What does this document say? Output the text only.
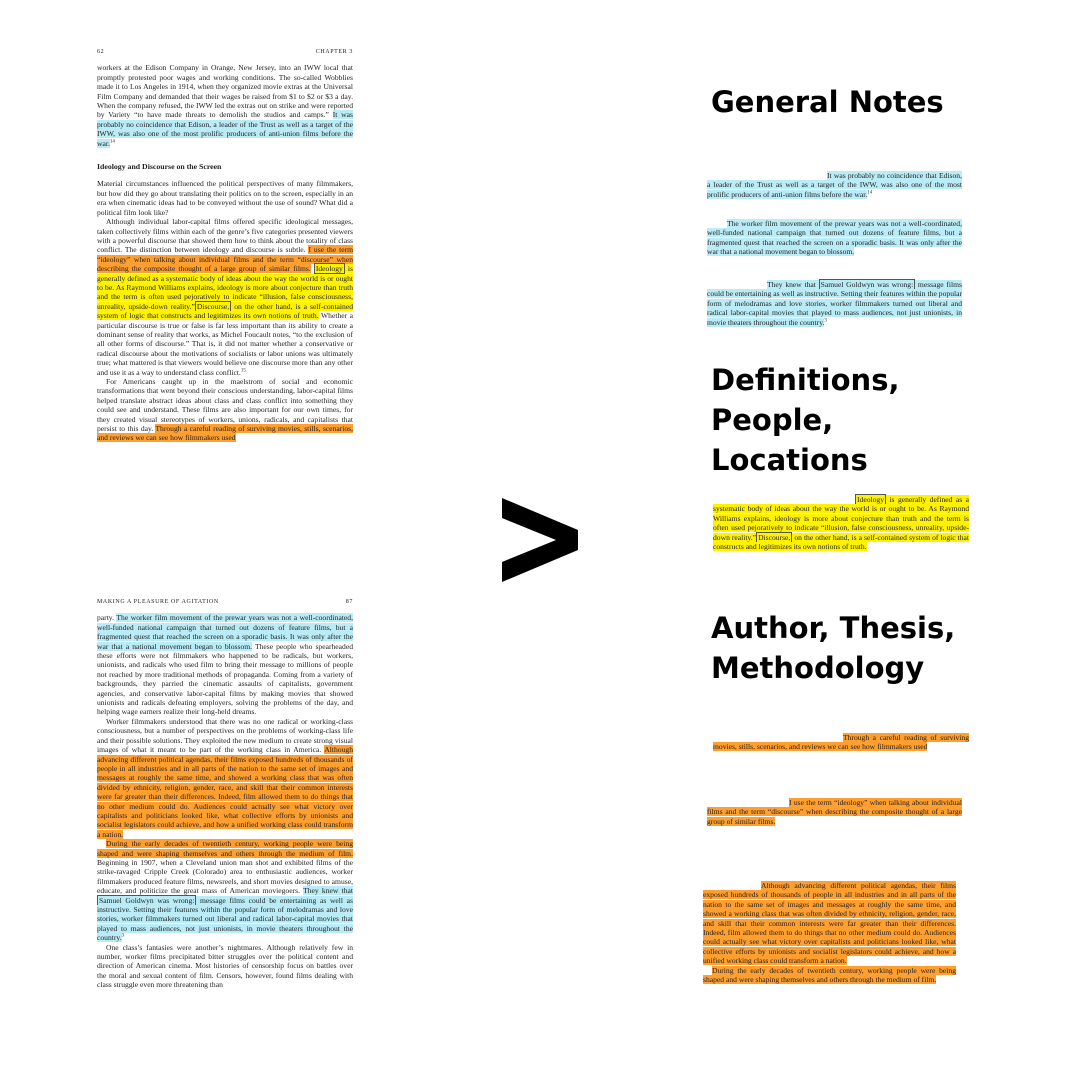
62	CHAPTER 3

workers at the Edison Company in Orange, New Jersey, into an IWW local that promptly protested poor wages and working conditions. The so-called Wobblies made it to Los Angeles in 1914, when they organized movie extras at the Universal Film Company and demanded that their wages be raised from $1 to $2 or $3 a day. When the company refused, the IWW led the extras out on strike and were reported by Variety “to have made threats to demolish the studios and camps.” It was probably no coincidence that Edison, a leader of the Trust as well as a target of the IWW, was also one of the most prolific producers of anti-union films before the war.$^{14}$

Ideology and Discourse on the Screen

Material circumstances influenced the political perspectives of many filmmakers, but how did they go about translating their politics on to the screen, especially in an era when cinematic ideas had to be conveyed without the use of sound? What did a political film look like?

Although individual labor-capital films offered specific ideological messages, taken collectively films within each of the genre’s five categories presented viewers with a powerful discourse that showed them how to think about the totality of class conflict. The distinction between ideology and discourse is subtle. I use the term “ideology” when talking about individual films and the term “discourse” when describing the composite thought of a large group of similar films. Ideology is generally defined as a systematic body of ideas about the way the world is or ought to be. As Raymond Williams explains, ideology is more about conjecture than truth and the term is often used pejoratively to indicate “illusion, false consciousness, unreality, upside-down reality.” Discourse, on the other hand, is a self-contained system of logic that constructs and legitimizes its own notions of truth. Whether a particular discourse is true or false is far less important than its ability to create a dominant sense of reality that works, as Michel Foucault notes, “to the exclusion of all other forms of discourse.” That is, it did not matter whether a conservative or radical discourse about the motivations of socialists or labor unions was ultimately true; what mattered is that viewers would believe one discourse more than any other and use it as a way to understand class conflict.$^{15}$

For Americans caught up in the maelstrom of social and economic transformations that went beyond their conscious understanding, labor-capital films helped translate abstract ideas about class and class conflict into something they could see and understand. These films are also important for our own times, for they created visual stereotypes of workers, unions, radicals, and capitalists that persist to this day. Through a careful reading of surviving movies, stills, scenarios, and reviews we can see how filmmakers used

MAKING A PLEASURE OF AGITATION	87

party. The worker film movement of the prewar years was not a well-coordinated, well-funded national campaign that turned out dozens of feature films, but a fragmented quest that reached the screen on a sporadic basis. It was only after the war that a national movement began to blossom. These people who spearheaded these efforts were not filmmakers who happened to be radicals, but workers, unionists, and radicals who used film to bring their message to millions of people not reached by more traditional methods of propaganda. Coming from a variety of backgrounds, they parried the cinematic assaults of capitalists, government agencies, and conservative labor-capital films by making movies that showed unionists and radicals defeating employers, solving the problems of the day, and helping wage earners realize their long-held dreams.

Worker filmmakers understood that there was no one radical or working-class consciousness, but a number of perspectives on the problems of working-class life and their possible solutions. They exploited the new medium to create strong visual images of what it meant to be part of the working class in America. Although advancing different political agendas, their films exposed hundreds of thousands of people in all industries and in all parts of the nation to the same set of images and messages at roughly the same time, and showed a working class that was often divided by ethnicity, religion, gender, race, and skill that their common interests were far greater than their differences. Indeed, film allowed them to do things that no other medium could do. Audiences could actually see what victory over capitalists and politicians looked like, what collective efforts by unionists and socialist legislators could achieve, and how a unified working class could transform a nation.

During the early decades of twentieth century, working people were being shaped and were shaping themselves and others through the medium of film. Beginning in 1907, when a Cleveland union man shot and exhibited films of the strike-ravaged Cripple Creek (Colorado) area to enthusiastic audiences, worker filmmakers produced feature films, newsreels, and short movies designed to amuse, educate, and politicize the great mass of American moviegoers. They knew that Samuel Goldwyn was wrong: message films could be entertaining as well as instructive. Setting their features within the popular form of melodramas and love stories, worker filmmakers turned out liberal and radical labor-capital movies that played to mass audiences, not just unionists, in movie theaters throughout the country.$^3$

One class’s fantasies were another’s nightmares. Although relatively few in number, worker films precipitated bitter struggles over the political content and direction of American cinema. Most histories of censorship focus on battles over the moral and sexual content of film. Censors, however, found films dealing with class struggle even more threatening than

General Notes
Definitions, People, Locations
Author, Thesis, Methodology

It was probably no coincidence that Edison, a leader of the Trust as well as a target of the IWW, was also one of the most prolific producers of anti-union films before the war.$^{14}$

The worker film movement of the prewar years was not a well-coordinated, well-funded national campaign that turned out dozens of feature films, but a fragmented quest that reached the screen on a sporadic basis. It was only after the war that a national movement began to blossom.

They knew that Samuel Goldwyn was wrong: message films could be entertaining as well as instructive. Setting their features within the popular form of melodramas and love stories, worker filmmakers turned out liberal and radical labor-capital movies that played to mass audiences, not just unionists, in movie theaters throughout the country.$^3$

Ideology is generally defined as a systematic body of ideas about the way the world is or ought to be. As Raymond Williams explains, ideology is more about conjecture than truth and the term is often used pejoratively to indicate “illusion, false consciousness, unreality, upside-down reality.” Discourse, on the other hand, is a self-contained system of logic that constructs and legitimizes its own notions of truth.

Through a careful reading of surviving movies, stills, scenarios, and reviews we can see how filmmakers used

I use the term “ideology” when talking about individual films and the term “discourse” when describing the composite thought of a large group of similar films.

Although advancing different political agendas, their films exposed hundreds of thousands of people in all industries and in all parts of the nation to the same set of images and messages at roughly the same time, and showed a working class that was often divided by ethnicity, religion, gender, race, and skill that their common interests were far greater than their differences. Indeed, film allowed them to do things that no other medium could do. Audiences could actually see what victory over capitalists and politicians looked like, what collective efforts by unionists and socialist legislators could achieve, and how a unified working class could transform a nation.

During the early decades of twentieth century, working people were being shaped and were shaping themselves and others through the medium of film.
